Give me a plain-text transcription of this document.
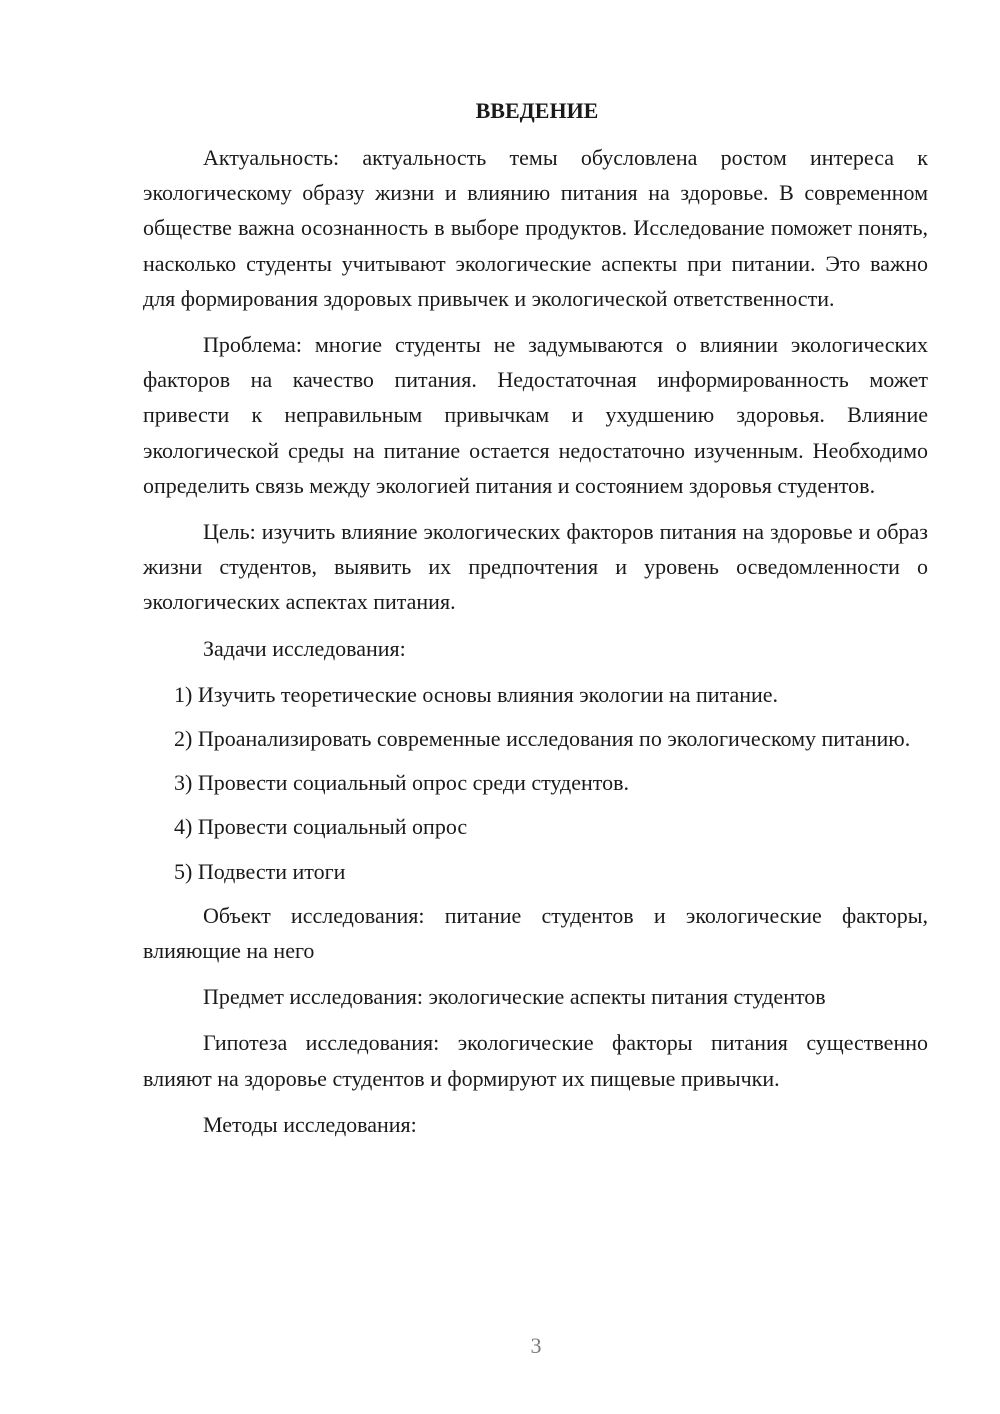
ВВЕДЕНИЕ

Актуальность: актуальность темы обусловлена ростом интереса к экологическому образу жизни и влиянию питания на здоровье. В современном обществе важна осознанность в выборе продуктов. Исследование поможет понять, насколько студенты учитывают экологические аспекты при питании. Это важно для формирования здоровых привычек и экологической ответственности.

Проблема: многие студенты не задумываются о влиянии экологических факторов на качество питания. Недостаточная информированность может привести к неправильным привычкам и ухудшению здоровья. Влияние экологической среды на питание остается недостаточно изученным. Необходимо определить связь между экологией питания и состоянием здоровья студентов.

Цель: изучить влияние экологических факторов питания на здоровье и образ жизни студентов, выявить их предпочтения и уровень осведомленности о экологических аспектах питания.

Задачи исследования:

1) Изучить теоретические основы влияния экологии на питание.

2) Проанализировать современные исследования по экологическому питанию.

3) Провести социальный опрос среди студентов.

4) Провести социальный опрос

5) Подвести итоги

Объект исследования: питание студентов и экологические факторы, влияющие на него

Предмет исследования: экологические аспекты питания студентов

Гипотеза исследования: экологические факторы питания существенно влияют на здоровье студентов и формируют их пищевые привычки.

Методы исследования:

3
